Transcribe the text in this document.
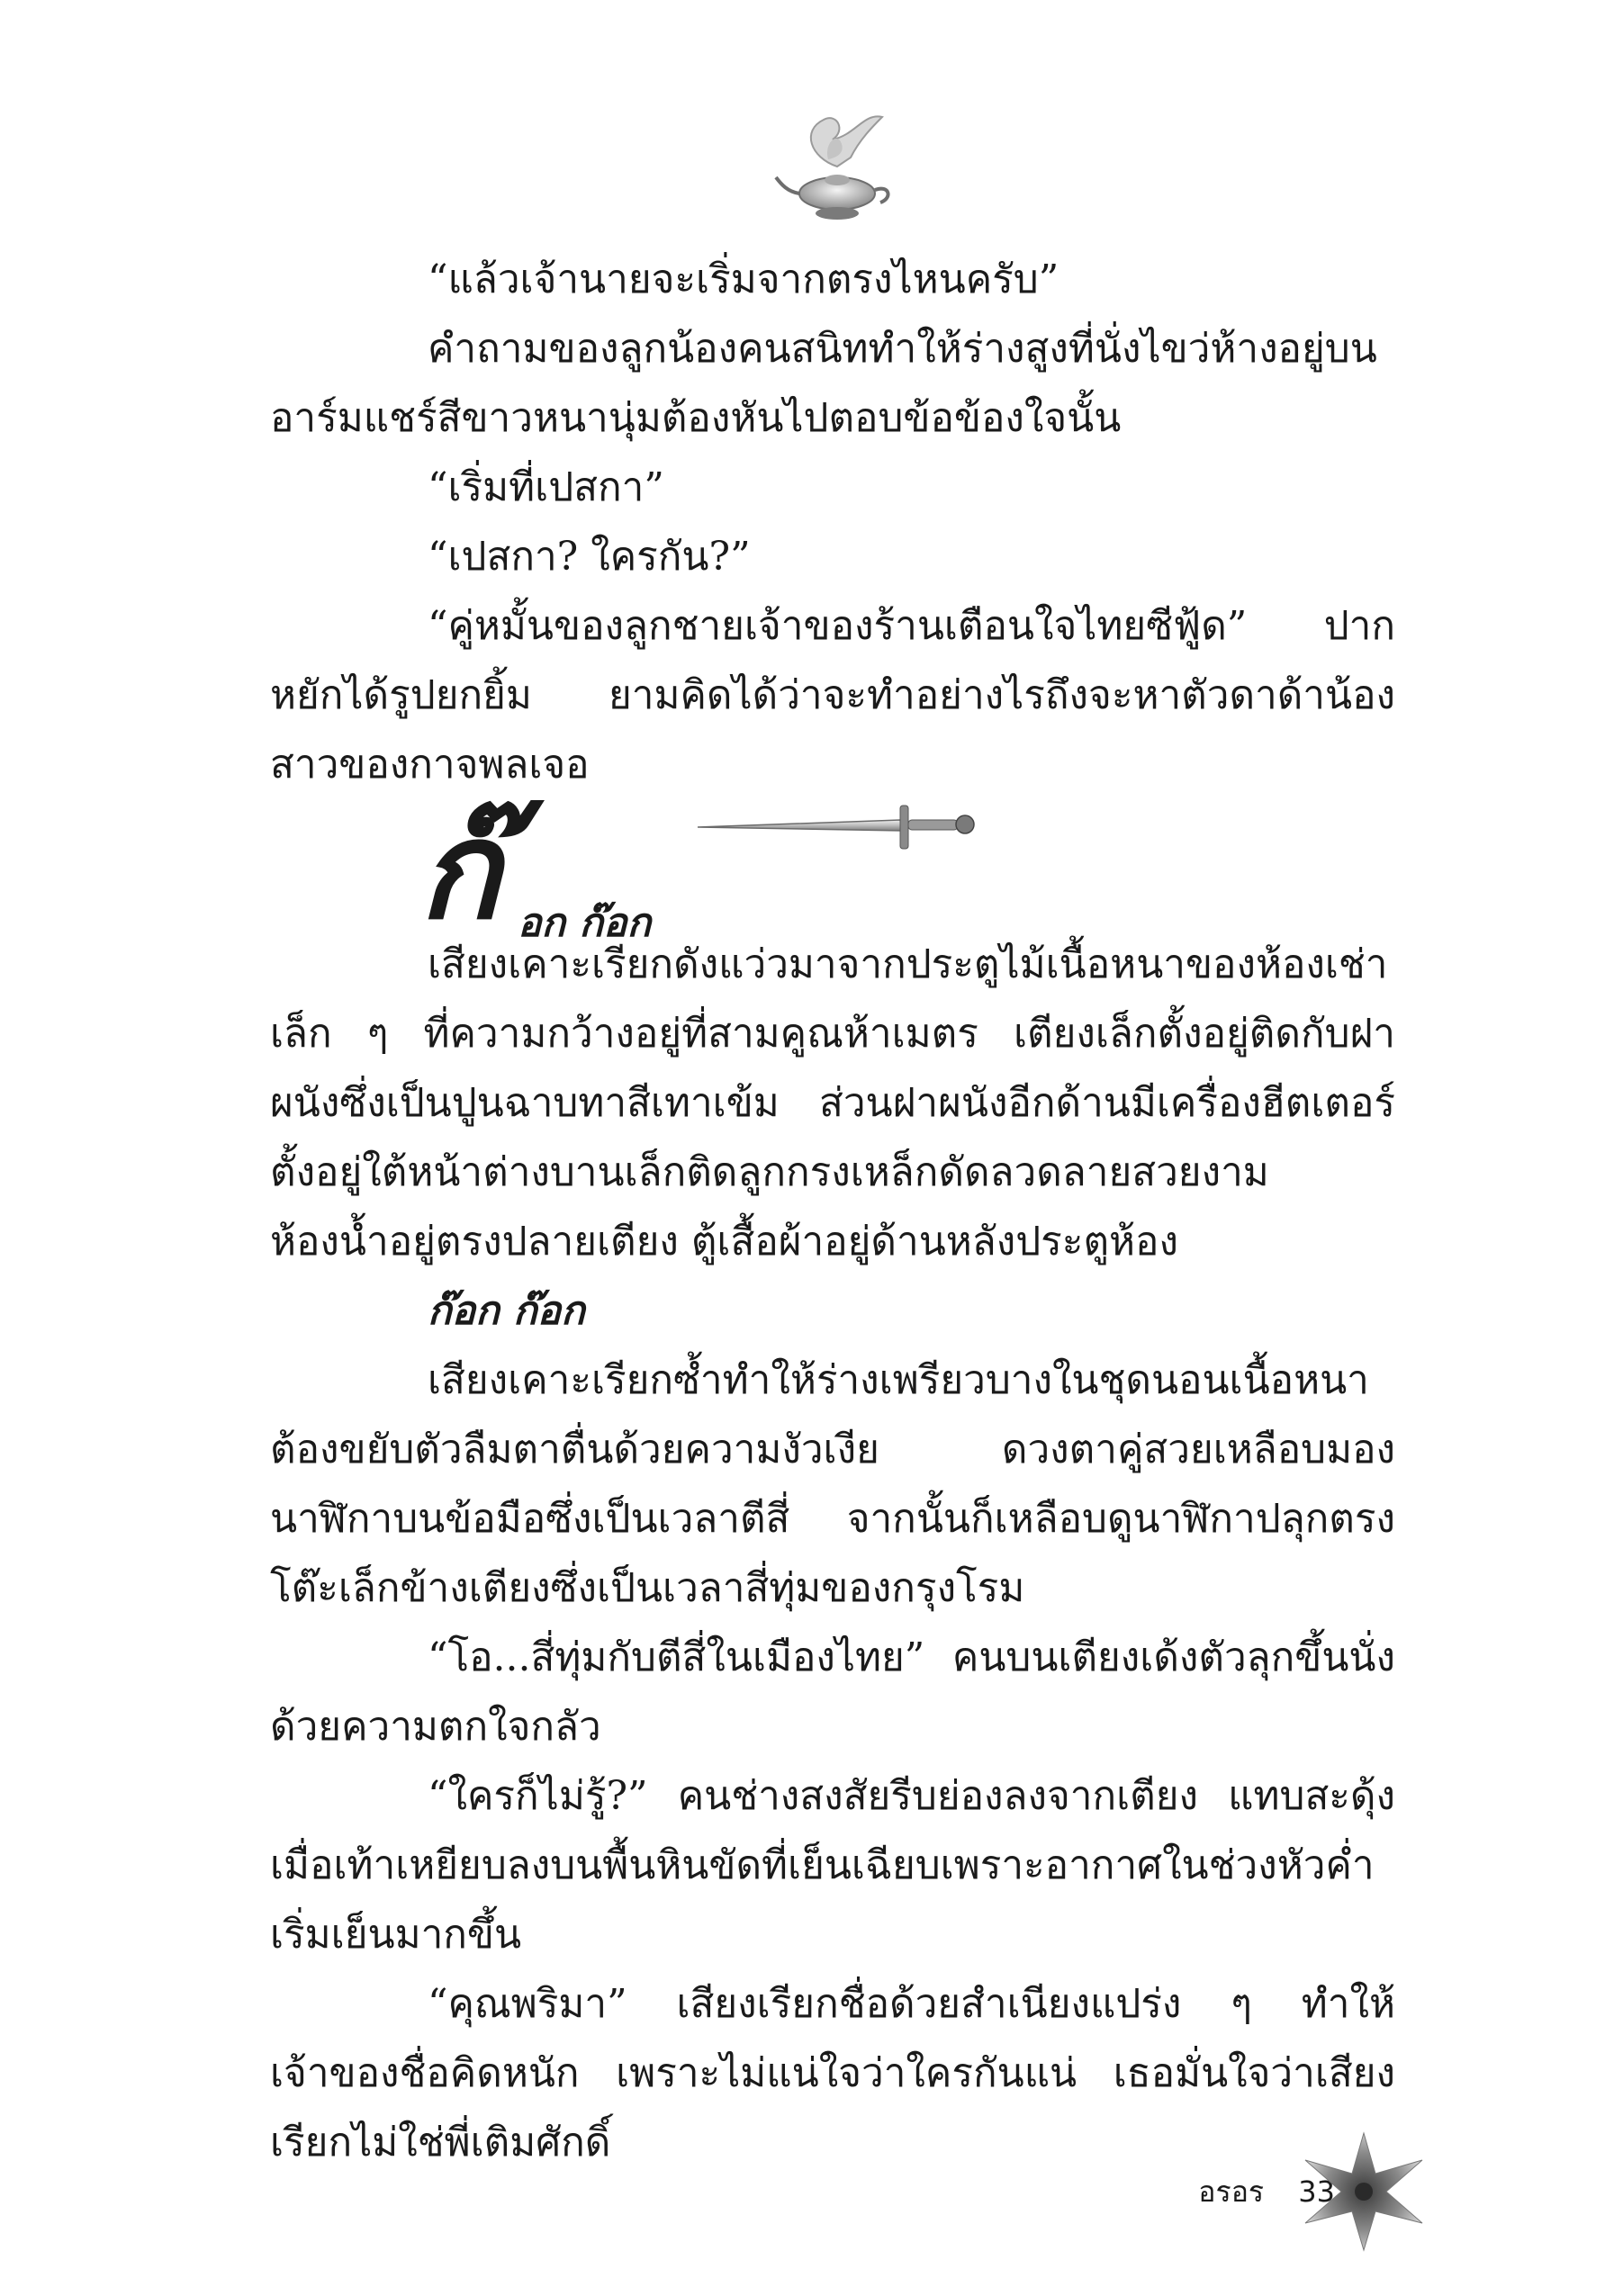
“แล้วเจ้านายจะเริ่มจากตรงไหนครับ”

คำถามของลูกน้องคนสนิททำให้ร่างสูงที่นั่งไขว่ห้างอยู่บนอาร์มแชร์สีขาวหนานุ่มต้องหันไปตอบข้อข้องใจนั้น

“เริ่มที่เปสกา”

“เปสกา? ใครกัน?”

“คู่หมั้นของลูกชายเจ้าของร้านเตือนใจไทยซีฟู้ด” ปากหยักได้รูปยกยิ้ม ยามคิดได้ว่าจะทำอย่างไรถึงจะหาตัวดาด้าน้องสาวของกาจพลเจอ

ก๊ อก ก๊อก

เสียงเคาะเรียกดังแว่วมาจากประตูไม้เนื้อหนาของห้องเช่าเล็ก ๆ ที่ความกว้างอยู่ที่สามคูณห้าเมตร เตียงเล็กตั้งอยู่ติดกับฝาผนังซึ่งเป็นปูนฉาบทาสีเทาเข้ม ส่วนฝาผนังอีกด้านมีเครื่องฮีตเตอร์ตั้งอยู่ใต้หน้าต่างบานเล็กติดลูกกรงเหล็กดัดลวดลายสวยงาม ห้องน้ำอยู่ตรงปลายเตียง ตู้เสื้อผ้าอยู่ด้านหลังประตูห้อง

ก๊อก ก๊อก

เสียงเคาะเรียกซ้ำทำให้ร่างเพรียวบางในชุดนอนเนื้อหนาต้องขยับตัวลืมตาตื่นด้วยความงัวเงีย ดวงตาคู่สวยเหลือบมองนาฬิกาบนข้อมือซึ่งเป็นเวลาตีสี่ จากนั้นก็เหลือบดูนาฬิกาปลุกตรงโต๊ะเล็กข้างเตียงซึ่งเป็นเวลาสี่ทุ่มของกรุงโรม

“โอ...สี่ทุ่มกับตีสี่ในเมืองไทย” คนบนเตียงเด้งตัวลุกขึ้นนั่งด้วยความตกใจกลัว

“ใครก็ไม่รู้?” คนช่างสงสัยรีบย่องลงจากเตียง แทบสะดุ้งเมื่อเท้าเหยียบลงบนพื้นหินขัดที่เย็นเฉียบเพราะอากาศในช่วงหัวค่ำเริ่มเย็นมากขึ้น

“คุณพริมา” เสียงเรียกชื่อด้วยสำเนียงแปร่ง ๆ ทำให้เจ้าของชื่อคิดหนัก เพราะไม่แน่ใจว่าใครกันแน่ เธอมั่นใจว่าเสียงเรียกไม่ใช่พี่เติมศักดิ์

อรอร 33
